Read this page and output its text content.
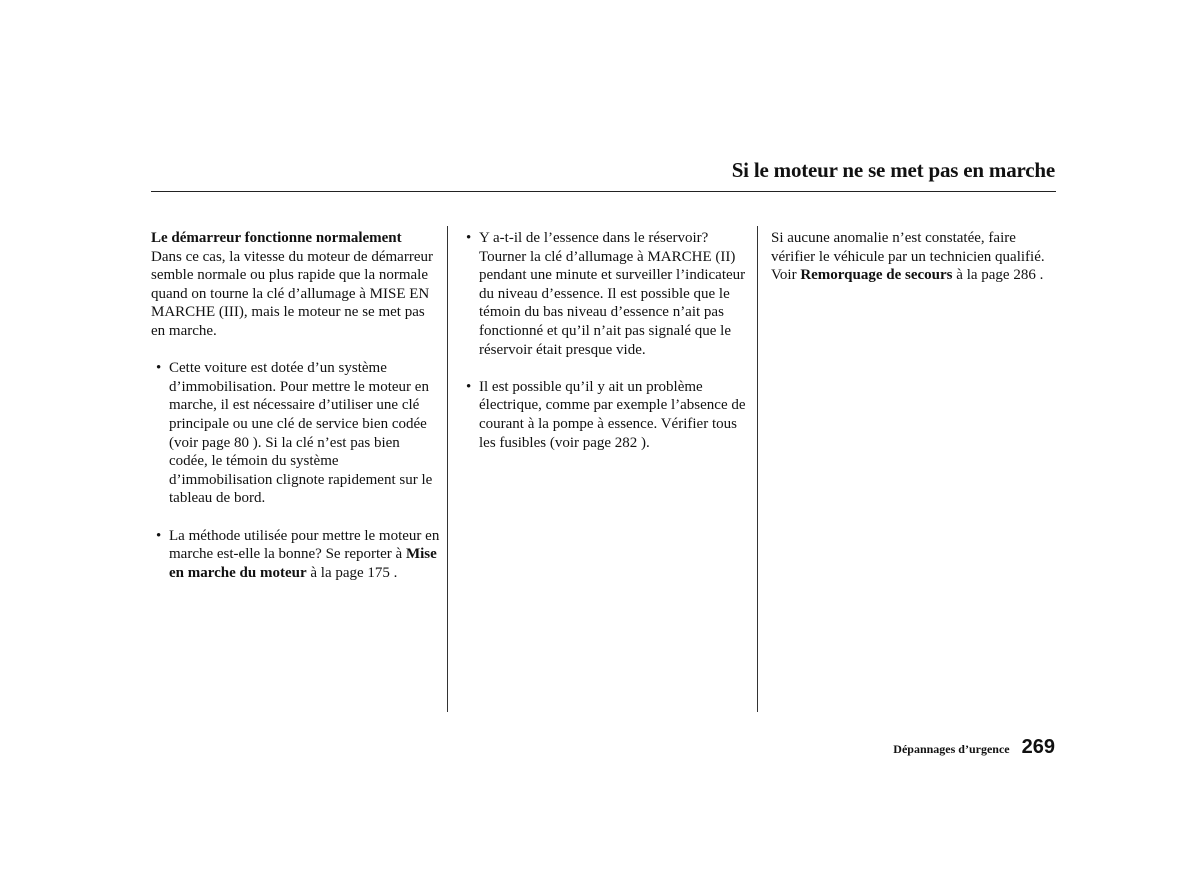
Si le moteur ne se met pas en marche
Le démarreur fonctionne normalement

Dans ce cas, la vitesse du moteur de démarreur semble normale ou plus rapide que la normale quand on tourne la clé d’allumage à MISE EN MARCHE (III), mais le moteur ne se met pas en marche.

• Cette voiture est dotée d’un système d’immobilisation. Pour mettre le moteur en marche, il est nécessaire d’utiliser une clé principale ou une clé de service bien codée (voir page 80 ). Si la clé n’est pas bien codée, le témoin du système d’immobilisation clignote rapidement sur le tableau de bord.
• La méthode utilisée pour mettre le moteur en marche est-elle la bonne? Se reporter à Mise en marche du moteur à la page 175 .
• Y a-t-il de l’essence dans le réservoir? Tourner la clé d’allumage à MARCHE (II) pendant une minute et surveiller l’indicateur du niveau d’essence. Il est possible que le témoin du bas niveau d’essence n’ait pas fonctionné et qu’il n’ait pas signalé que le réservoir était presque vide.
• Il est possible qu’il y ait un problème électrique, comme par exemple l’absence de courant à la pompe à essence. Vérifier tous les fusibles (voir page 282 ).

Si aucune anomalie n’est constatée, faire vérifier le véhicule par un technicien qualifié. Voir Remorquage de secours à la page 286 .

Dépannages d’urgence 269
